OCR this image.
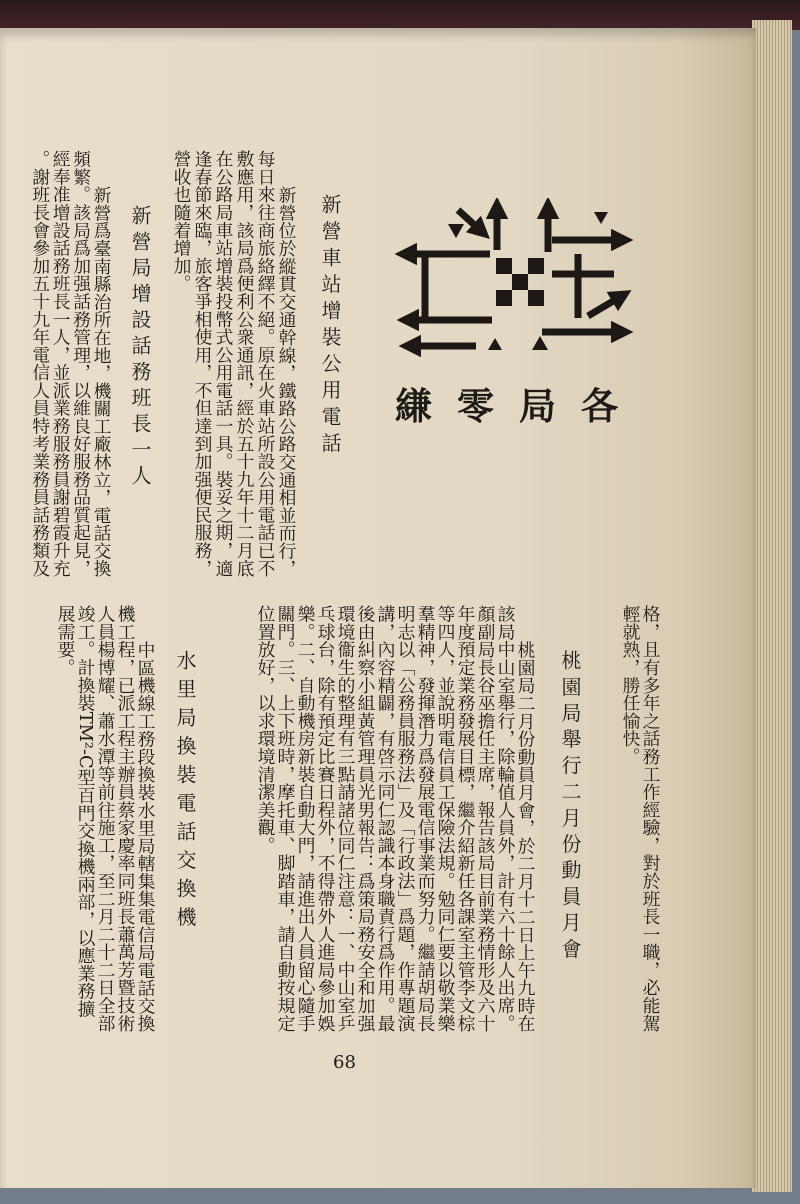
各局零縑
新營車站增裝公用電話
新營位於縱貫交通幹線，鐵路公路交通相並而行，
每日來往商旅絡繹不絕。原在火車站所設公用電話已不
敷應用，該局爲便利公衆通訊，經於五十九年十二月底
在公路局車站增裝投幣式公用電話一具。裝妥之期，適
逢春節來臨，旅客爭相使用，不但達到加强便民服務，
營收也隨着增加。
新營局增設話務班長一人
新營爲臺南縣治所在地，機關工廠林立，電話交換
頻繁。該局爲加强話務管理，以維良好服務品質起見，
經奉准增設話務班長一人，並派業務服務員謝碧霞升充
。謝班長會參加五十九年電信人員特考業務員話務類及
格，且有多年之話務工作經驗，對於班長一職，必能駕
輕就熟，勝任愉快。
桃園局舉行二月份動員月會
桃園局二月份動員月會，於二月十二日上午九時在
該局中山室舉行，除輪值人員外，計有六十餘人出席。
顏副局長谷巫擔任主席，報告該局目前業務情形及六十
年度預定業務發展目標，繼介紹新任各課室主管李文棕
等四人，並說明電信員工保險法規。勉同仁要以敬業樂
羣精神，發揮潛力爲發展電信事業而努力。繼請胡局長
明志以「公務員服務法」及「行政法」爲題，作專題演
講，內容精闢，有啓示同仁認識本身職責行爲作用。最
後由糾察小組黃管理員光男報告：爲策局務安全和加强
環境衞生的整理有三點請諸位同仁注意：一、中山室乒
乓球台，除有預定比賽日程外，不得帶外人進局參加娛
樂。二、自動機房新裝自動大門，請進出人員留心隨手
關門。三、上下班時，摩托車、脚踏車，請自動按規定
位置放好，以求環境清潔美觀。
水里局換裝電話交換機
中區機線工務段換裝水里局轄集集電信局電話交換
機工程，已派工程主辦員蔡家慶率同班長蕭萬芳暨技術
人員楊博耀、蕭水潭等前往施工，至二月二十二日全部
竣工。計換裝TM²-C型百門交換機兩部，以應業務擴
展需要。
68
